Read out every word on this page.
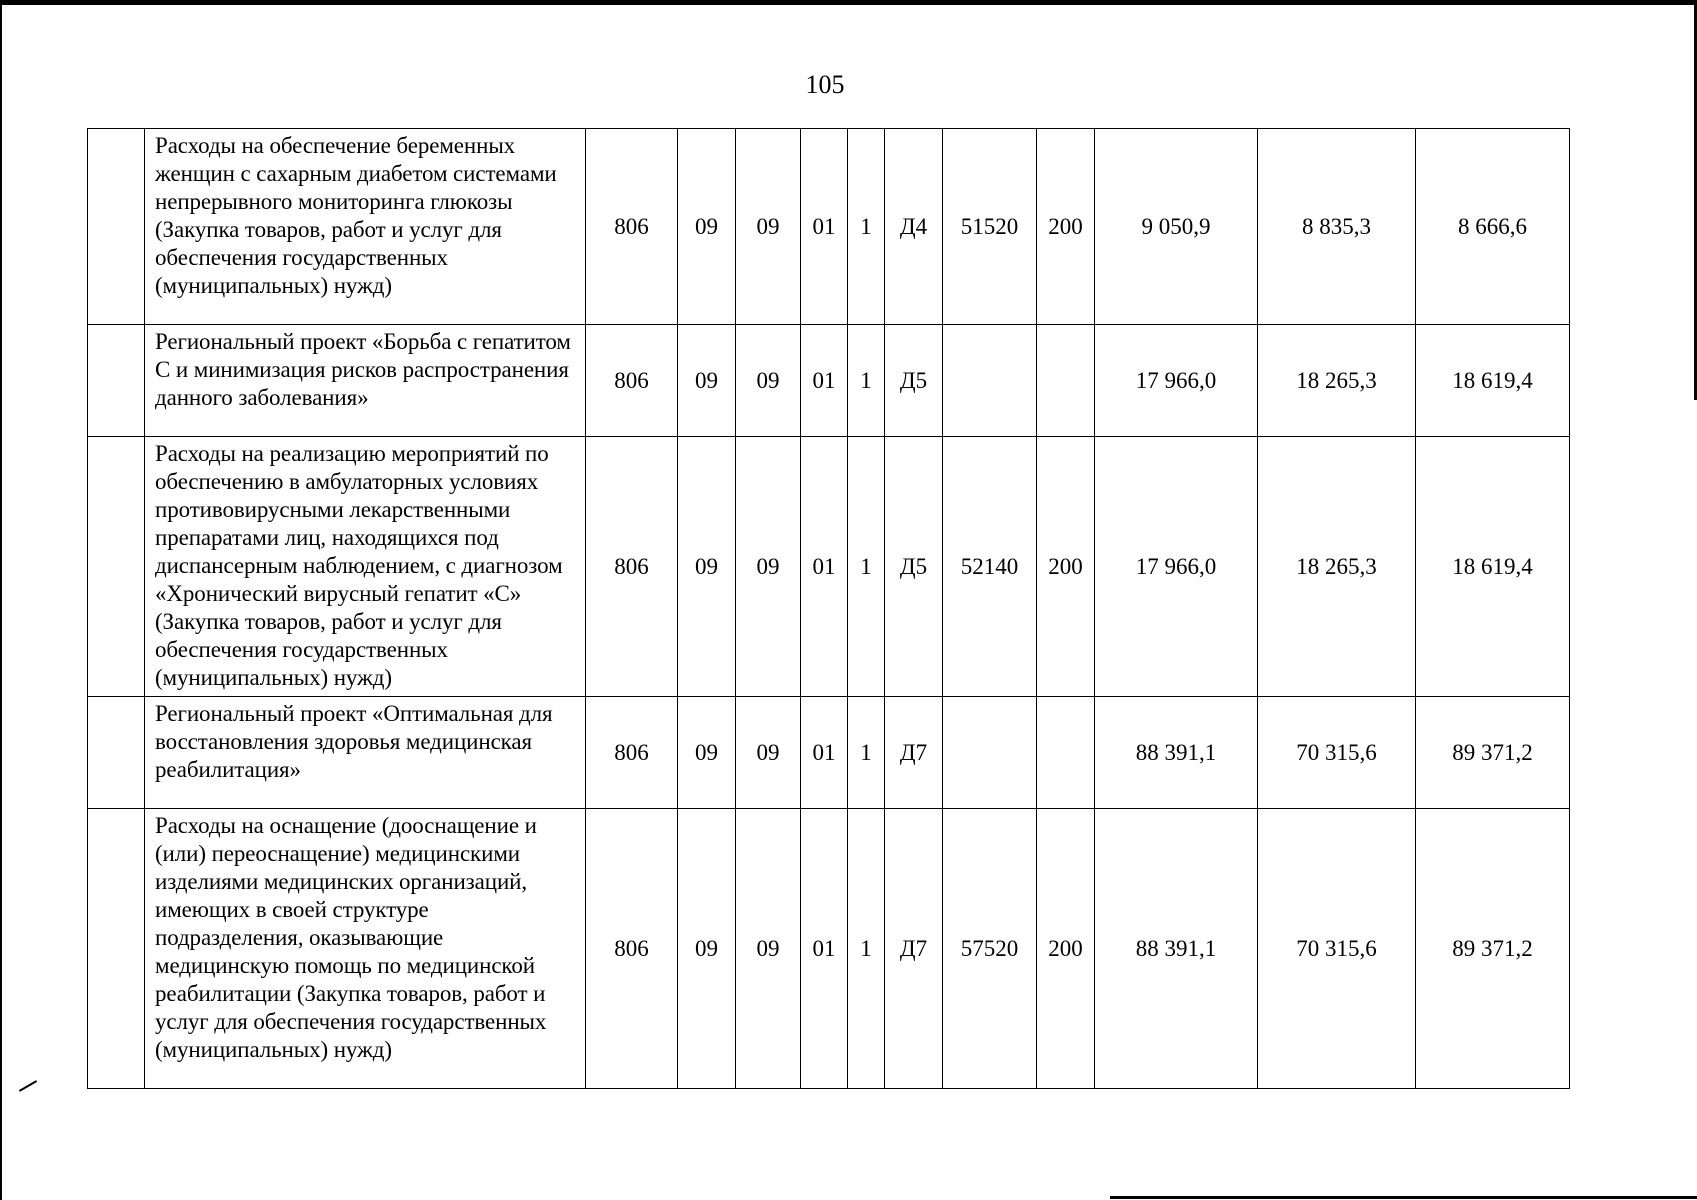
105
	Расходы на обеспечение беременных женщин с сахарным диабетом системами непрерывного мониторинга глюкозы (Закупка товаров, работ и услуг для обеспечения государственных (муниципальных) нужд)	806	09	09	01	1	Д4	51520	200	9 050,9	8 835,3	8 666,6
	Региональный проект «Борьба с гепатитом С и минимизация рисков распространения данного заболевания»	806	09	09	01	1	Д5			17 966,0	18 265,3	18 619,4
	Расходы на реализацию мероприятий по обеспечению в амбулаторных условиях противовирусными лекарственными препаратами лиц, находящихся под диспансерным наблюдением, с диагнозом «Хронический вирусный гепатит «С» (Закупка товаров, работ и услуг для обеспечения государственных (муниципальных) нужд)	806	09	09	01	1	Д5	52140	200	17 966,0	18 265,3	18 619,4
	Региональный проект «Оптимальная для восстановления здоровья медицинская реабилитация»	806	09	09	01	1	Д7			88 391,1	70 315,6	89 371,2
	Расходы на оснащение (дооснащение и (или) переоснащение) медицинскими изделиями медицинских организаций, имеющих в своей структуре подразделения, оказывающие медицинскую помощь по медицинской реабилитации (Закупка товаров, работ и услуг для обеспечения государственных (муниципальных) нужд)	806	09	09	01	1	Д7	57520	200	88 391,1	70 315,6	89 371,2
